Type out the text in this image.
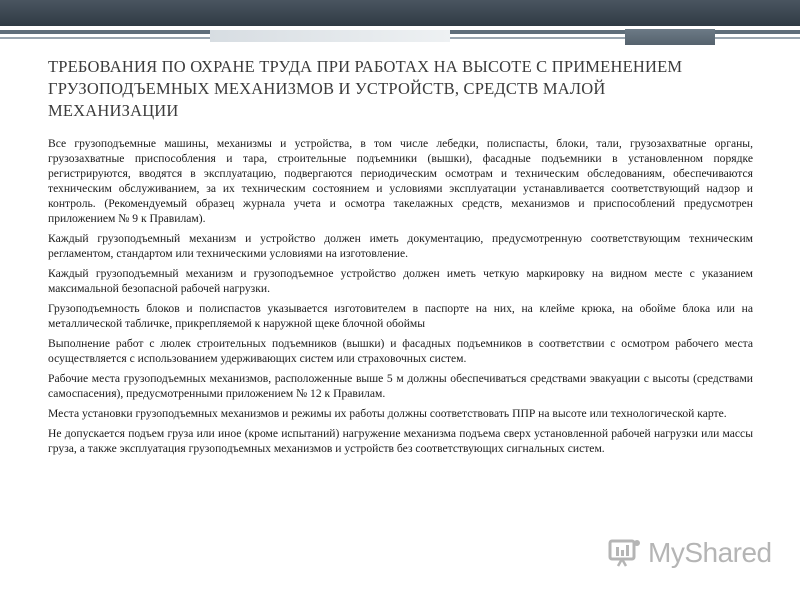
ТРЕБОВАНИЯ ПО ОХРАНЕ ТРУДА ПРИ РАБОТАХ НА ВЫСОТЕ С ПРИМЕНЕНИЕМ
ГРУЗОПОДЪЕМНЫХ МЕХАНИЗМОВ И УСТРОЙСТВ, СРЕДСТВ МАЛОЙ
МЕХАНИЗАЦИИ

Все грузоподъемные машины, механизмы и устройства, в том числе лебедки, полиспасты, блоки, тали, грузозахватные органы, грузозахватные приспособления и тара, строительные подъемники (вышки), фасадные подъемники в установленном порядке регистрируются, вводятся в эксплуатацию, подвергаются периодическим осмотрам и техническим обследованиям, обеспечиваются техническим обслуживанием, за их техническим состоянием и условиями эксплуатации устанавливается соответствующий надзор и контроль. (Рекомендуемый образец журнала учета и осмотра такелажных средств, механизмов и приспособлений предусмотрен приложением № 9 к Правилам).

Каждый грузоподъемный механизм и устройство должен иметь документацию, предусмотренную соответствующим техническим регламентом, стандартом или техническими условиями на изготовление.

Каждый грузоподъемный механизм и грузоподъемное устройство должен иметь четкую маркировку на видном месте с указанием максимальной безопасной рабочей нагрузки.

Грузоподъемность блоков и полиспастов указывается изготовителем в паспорте на них, на клейме крюка, на обойме блока или на металлической табличке, прикрепляемой к наружной щеке блочной обоймы

Выполнение работ с люлек строительных подъемников (вышки) и фасадных подъемников в соответствии с осмотром рабочего места осуществляется с использованием удерживающих систем или страховочных систем.

Рабочие места грузоподъемных механизмов, расположенные выше 5 м должны обеспечиваться средствами эвакуации с высоты (средствами самоспасения), предусмотренными приложением № 12 к Правилам.

Места установки грузоподъемных механизмов и режимы их работы должны соответствовать ППР на высоте или технологической карте.

Не допускается подъем груза или иное (кроме испытаний) нагружение механизма подъема сверх установленной рабочей нагрузки или массы груза, а также эксплуатация грузоподъемных механизмов и устройств без соответствующих сигнальных систем.

MyShared
